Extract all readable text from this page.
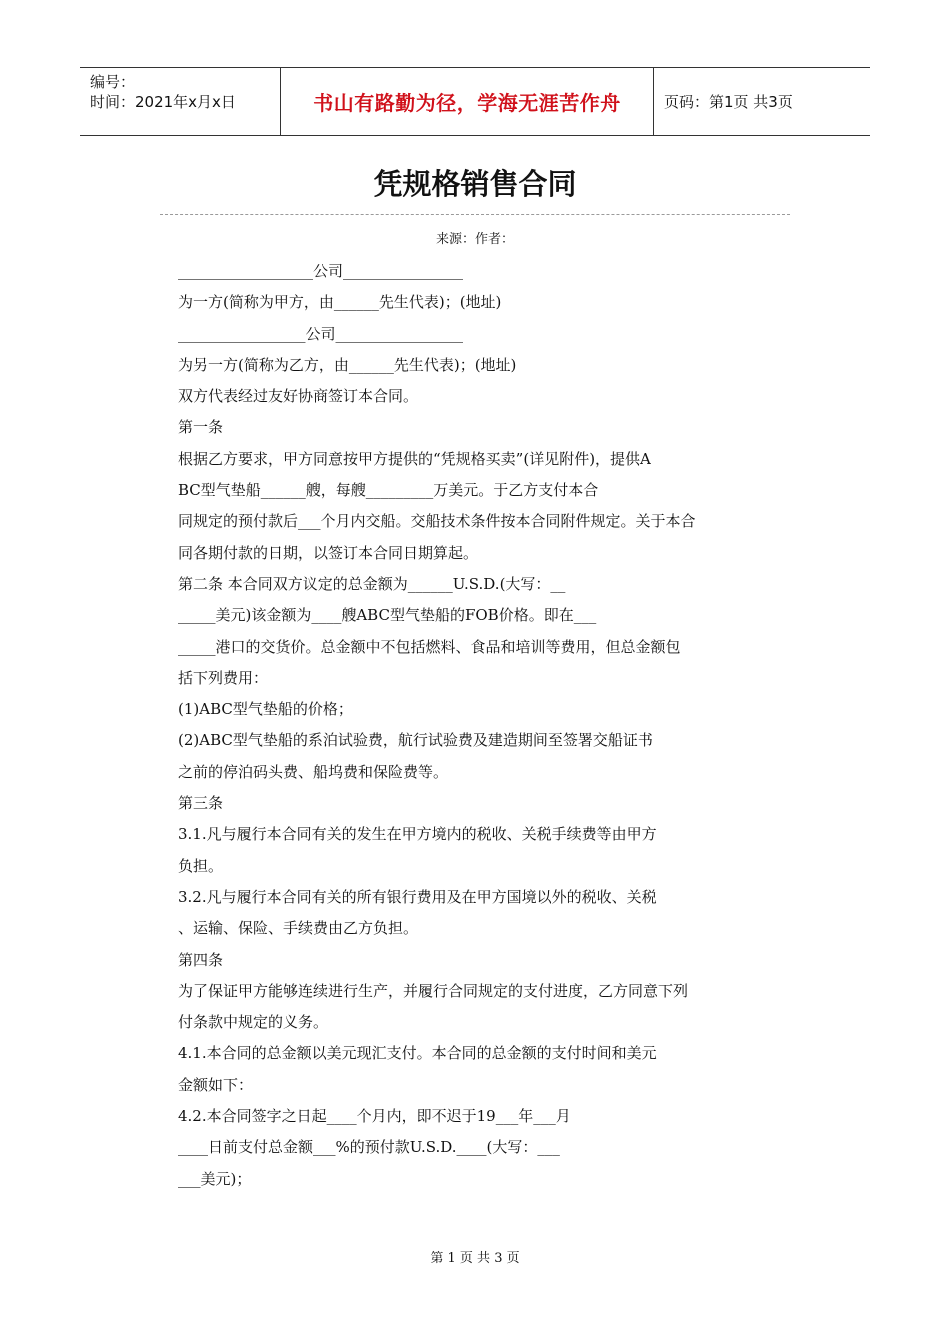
编号：
时间：2021年x月x日	书山有路勤为径，学海无涯苦作舟	页码：第1页 共3页
凭规格销售合同
来源：作者：
__________________公司________________
为一方(简称为甲方，由______先生代表)；(地址)
_________________公司_________________
为另一方(简称为乙方，由______先生代表)；(地址)
双方代表经过友好协商签订本合同。
第一条
根据乙方要求，甲方同意按甲方提供的“凭规格买卖”(详见附件)，提供A
BC型气垫船______艘，每艘_________万美元。于乙方支付本合
同规定的预付款后___个月内交船。交船技术条件按本合同附件规定。关于本合
同各期付款的日期，以签订本合同日期算起。
第二条 本合同双方议定的总金额为______U.S.D.(大写：__
_____美元)该金额为____艘ABC型气垫船的FOB价格。即在___
_____港口的交货价。总金额中不包括燃料、食品和培训等费用，但总金额包
括下列费用：
(1)ABC型气垫船的价格；
(2)ABC型气垫船的系泊试验费，航行试验费及建造期间至签署交船证书
之前的停泊码头费、船坞费和保险费等。
第三条
3.1.凡与履行本合同有关的发生在甲方境内的税收、关税手续费等由甲方
负担。
3.2.凡与履行本合同有关的所有银行费用及在甲方国境以外的税收、关税
、运输、保险、手续费由乙方负担。
第四条
为了保证甲方能够连续进行生产，并履行合同规定的支付进度，乙方同意下列
付条款中规定的义务。
4.1.本合同的总金额以美元现汇支付。本合同的总金额的支付时间和美元
金额如下：
4.2.本合同签字之日起____个月内，即不迟于19___年___月
____日前支付总金额___%的预付款U.S.D.____(大写：___
___美元)；
第 1 页 共 3 页
